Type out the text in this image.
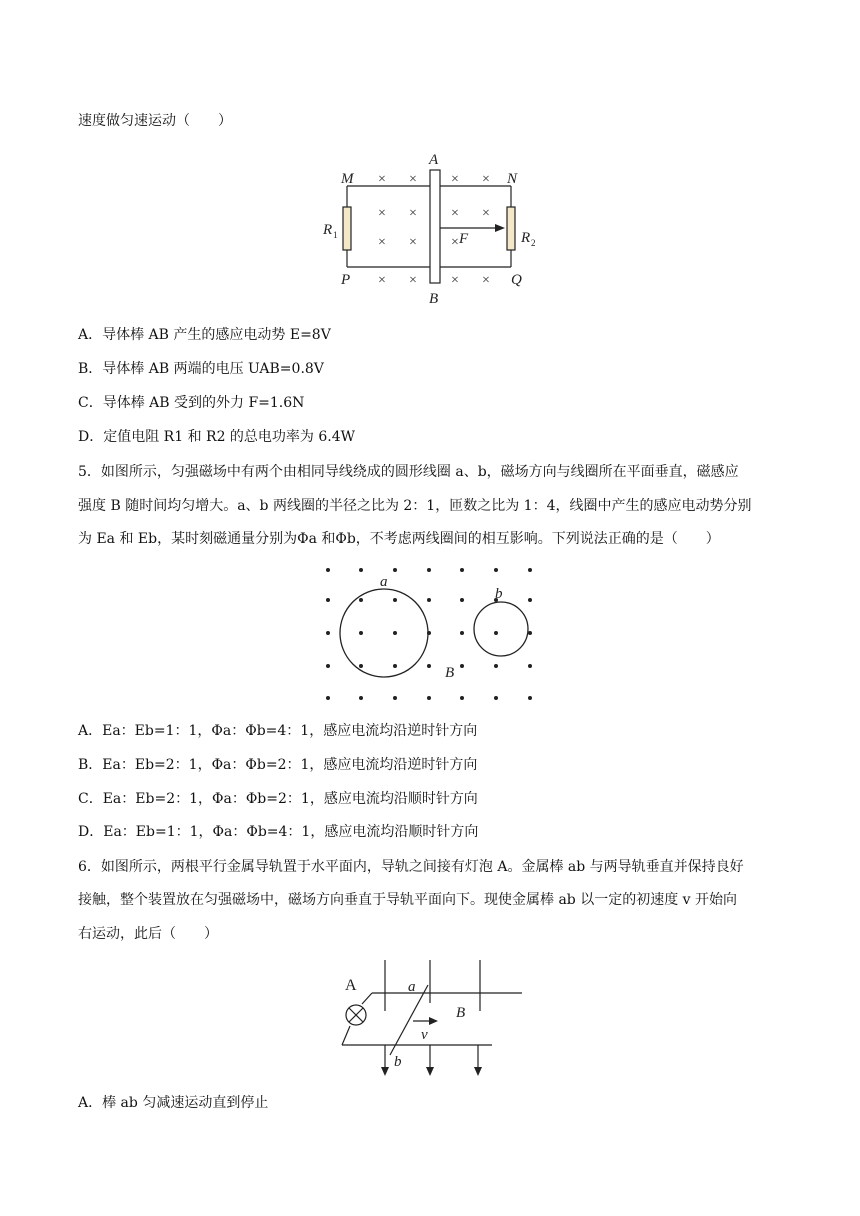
速度做匀速运动（　　）
× × × ×
× × × ×
× × ×
× × × ×
A
B
M	N
P	Q
R	R
F
1
2
A．导体棒 AB 产生的感应电动势 E=8V
B．导体棒 AB 两端的电压 UAB=0.8V
C．导体棒 AB 受到的外力 F=1.6N
D．定值电阻 R1 和 R2 的总电功率为 6.4W
5．如图所示，匀强磁场中有两个由相同导线绕成的圆形线圈 a、b，磁场方向与线圈所在平面垂直，磁感应
强度 B 随时间均匀增大。a、b 两线圈的半径之比为 2：1，匝数之比为 1：4，线圈中产生的感应电动势分别
为 Ea 和 Eb，某时刻磁通量分别为Φa 和Φb，不考虑两线圈间的相互影响。下列说法正确的是（　　）
a
b
B
A．Ea：Eb=1：1，Φa：Φb=4：1，感应电流均沿逆时针方向
B．Ea：Eb=2：1，Φa：Φb=2：1，感应电流均沿逆时针方向
C．Ea：Eb=2：1，Φa：Φb=2：1，感应电流均沿顺时针方向
D．Ea：Eb=1：1，Φa：Φb=4：1，感应电流均沿顺时针方向
6．如图所示，两根平行金属导轨置于水平面内，导轨之间接有灯泡 A。金属棒 ab 与两导轨垂直并保持良好
接触，整个装置放在匀强磁场中，磁场方向垂直于导轨平面向下。现使金属棒 ab 以一定的初速度 v 开始向
右运动，此后（　　）
A	a
b
B
v
A．棒 ab 匀减速运动直到停止
